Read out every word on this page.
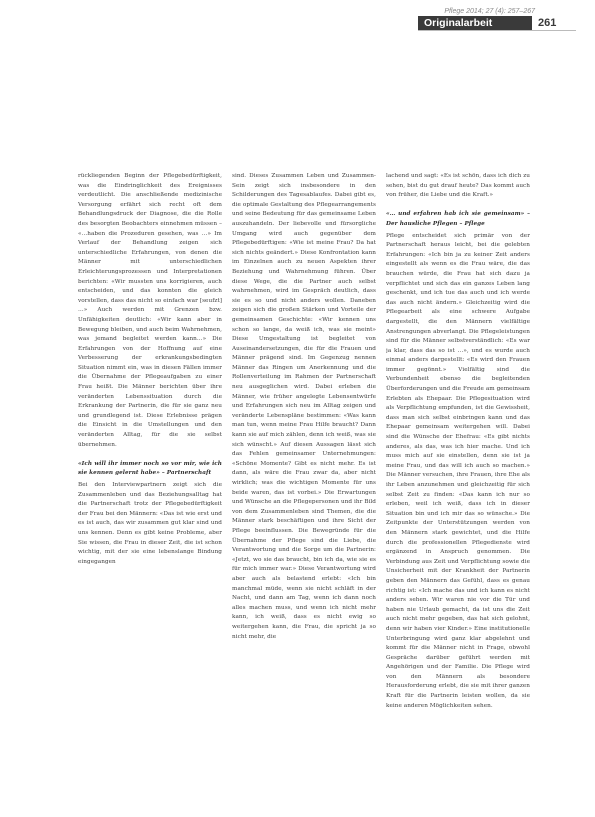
Pflege 2014; 27 (4): 257–267
Originalarbeit	261

rückliegenden Beginn der Pflegebedürftigkeit, was die Eindringlichkeit des Ereignisses verdeutlicht. Die anschließende medizinische Versorgung erfährt sich recht oft dem Behandlungsdruck der Diagnose, die die Rolle des besorgten Beobachters einnehmen müssen – «…haben die Prozeduren gesehen, was …» Im Verlauf der Behandlung zeigen sich unterschiedliche Erfahrungen, von denen die Männer mit unterschiedlichen Erleichterungsprozessen und Interpretationen berichten: «Wir mussten uns korrigieren, auch entscheiden, und das konnten die gleich vorstellen, dass das nicht so einfach war [seufzt] …» Auch werden mit Grenzen bzw. Unfähigkeiten deutlich: «Wir kann aber in Bewegung bleiben, und auch beim Wahrnehmen, was jemand begleitet werden kann…» Die Erfahrungen von der Hoffnung auf eine Verbesserung der erkrankungsbedingten Situation nimmt ein, was in diesen Fällen immer die Übernahme der Pflegeaufgaben zu einer Frau heißt. Die Männer berichten über ihre veränderten Lebenssituation durch die Erkrankung der Partnerin, die für sie ganz neu und grundlegend ist. Diese Erlebnisse prägen die Einsicht in die Umstellungen und den veränderten Alltag, für die sie selbst übernehmen.

«Ich will ihr immer noch so vor mir, wie ich sie kennen gelernt habe» – Partnerschaft

Bei den Interviewpartnern zeigt sich die Zusammenleben und das Beziehungsalltag hat die Partnerschaft trotz der Pflegebedürftigkeit der Frau bei den Männern: «Das ist wie erst und es ist auch, das wir zusammen gut klar sind und uns kennen. Denn es gibt keine Probleme, aber Sie wissen, die Frau in dieser Zeit, die ist schon wichtig, mit der sie eine lebenslange Bindung eingegangen

sind. Dieses Zusammen Leben und Zusammen-Sein zeigt sich insbesondere in den Schilderungen des Tagesablaufes. Dabei gibt es, die optimale Gestaltung des Pflegearrangements und seine Bedeutung für das gemeinsame Leben auszuhandeln. Der liebevolle und fürsorgliche Umgang wird auch gegenüber dem Pflegebedürftigen: «Wie ist meine Frau? Da hat sich nichts geändert.» Diese Konfrontation kann im Einzelnen auch zu neuen Aspekten ihrer Beziehung und Wahrnehmung führen. Über diese Wege, die die Partner auch selbst wahrnehmen, wird im Gespräch deutlich, dass sie es so und nicht anders wollen. Daneben zeigen sich die großen Stärken und Vorteile der gemeinsamen Geschichte: «Wir kennen uns schon so lange, da weiß ich, was sie meint» Diese Umgestaltung ist begleitet von Auseinandersetzungen, die für die Frauen und Männer prägend sind. Im Gegenzug nennen Männer das Ringen um Anerkennung und die Rollenverteilung im Rahmen der Partnerschaft neu ausgeglichen wird. Dabei erleben die Männer, wie früher angelegte Lebensentwürfe und Erfahrungen sich neu im Alltag zeigen und veränderte Lebenspläne bestimmen: «Was kann man tun, wenn meine Frau Hilfe braucht? Dann kann sie auf mich zählen, denn ich weiß, was sie sich wünscht.» Auf diesen Aussagen lässt sich das Fehlen gemeinsamer Unternehmungen: «Schöne Momente? Gibt es nicht mehr. Es ist dann, als wäre die Frau zwar da, aber nicht wirklich; was die wichtigen Momente für uns beide waren, das ist vorbei.» Die Erwartungen und Wünsche an die Pflegepersonen und ihr Bild von dem Zusammenleben sind Themen, die die Männer stark beschäftigen und ihre Sicht der Pflege beeinflussen. Die Bewegründe für die Übernahme der Pflege sind die Liebe, die Verantwortung und die Sorge um die Partnerin: «Jetzt, wo sie das braucht, bin ich da, wie sie es für mich immer war.» Diese Verantwortung wird aber auch als belastend erlebt: «Ich bin manchmal müde, wenn sie nicht schläft in der Nacht, und dann am Tag, wenn ich dann noch alles machen muss, und wenn ich nicht mehr kann, ich weiß, dass es nicht ewig so weitergehen kann, die Frau, die spricht ja so nicht mehr, die

lachend und sagt: «Es ist schön, dass ich dich zu sehen, bist du gut drauf heute? Das kommt auch von früher, die Liebe und die Kraft.»

«… und erfahren hab ich sie gemeinsam» – Der hausliche Pflegen – Pflege

Pflege entscheidet sich primär von der Partnerschaft heraus leicht, bei die gelebten Erfahrungen: «Ich bin ja zu keiner Zeit anders eingestellt als wenn es die Frau wäre, die das brauchen würde, die Frau hat sich dazu ja verpflichtet und sich das ein ganzes Leben lang geschenkt, und ich tue das auch und ich werde das auch nicht ändern.» Gleichzeitig wird die Pflegearbeit als eine schwere Aufgabe dargestellt, die den Männern vielfältige Anstrengungen abverlangt. Die Pflegeleistungen sind für die Männer selbstverständlich: «Es war ja klar, dass das so ist …», und es wurde auch einmal anders dargestellt: «Es wird den Frauen immer gegönnt.» Vielfältig sind die Verbundenheit ebenso die begleitenden Überforderungen und die Freude am gemeinsam Erlebten als Ehepaar. Die Pflegesituation wird als Verpflichtung empfunden, ist die Gewissheit, dass man sich selbst einbringen kann und das Ehepaar gemeinsam weitergehen will. Dabei sind die Wünsche der Ehefrau: «Es gibt nichts anderes, als das, was ich hier mache. Und ich muss mich auf sie einstellen, denn sie ist ja meine Frau, und das will ich auch so machen.» Die Männer versuchen, ihre Frauen, ihre Ehe als ihr Leben anzunehmen und gleichzeitig für sich selbst Zeit zu finden: «Das kann ich nur so erleben, weil ich weiß, dass ich in dieser Situation bin und ich mir das so wünsche.» Die Zeitpunkte der Unterstützungen werden von den Männern stark gewichtet, und die Hilfe durch die professionellen Pflegedienste wird ergänzend in Anspruch genommen. Die Verbindung aus Zeit und Verpflichtung sowie die Unsicherheit mit der Krankheit der Partnerin geben den Männern das Gefühl, dass es genau richtig ist: «Ich mache das und ich kann es nicht anders sehen. Wir waren nie vor die Tür und haben nie Urlaub gemacht, da ist uns die Zeit auch nicht mehr gegeben, das hat sich gelohnt, denn wir haben vier Kinder.» Eine institutionelle Unterbringung wird ganz klar abgelehnt und kommt für die Männer nicht in Frage, obwohl Gespräche darüber geführt werden mit Angehörigen und der Familie. Die Pflege wird von den Männern als besondere Herausforderung erlebt, die sie mit ihrer ganzen Kraft für die Partnerin leisten wollen, da sie keine anderen Möglichkeiten sehen.
